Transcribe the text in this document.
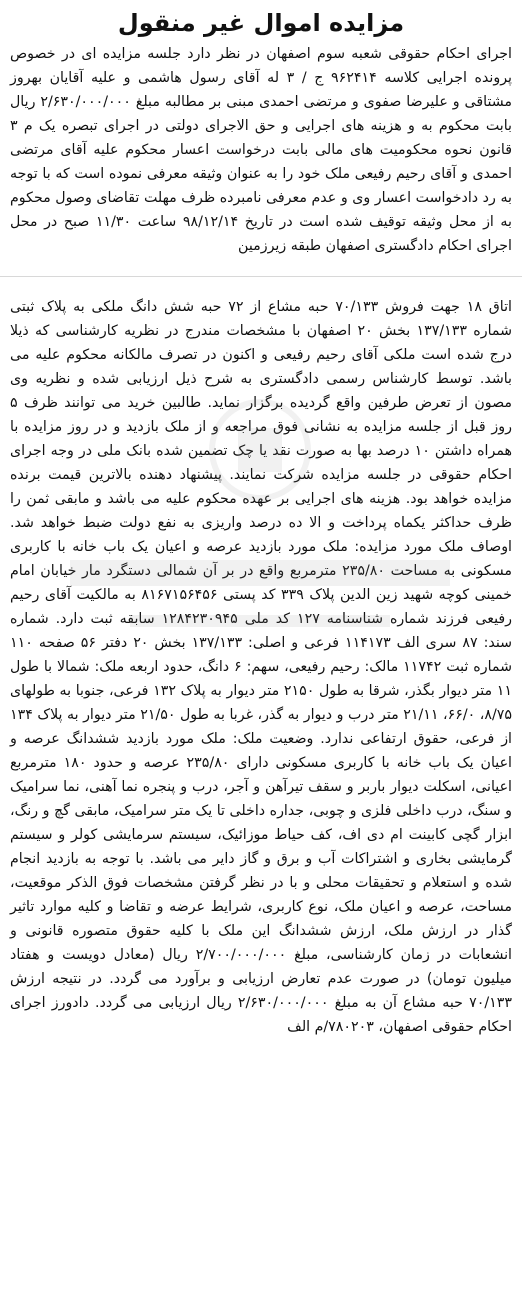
مزایده اموال غیر منقول

اجرای احکام حقوقی شعبه سوم اصفهان در نظر دارد جلسه مزایده ای در خصوص پرونده اجرایی کلاسه ۹۶۲۴۱۴ ج / ۳ له آقای رسول هاشمی و علیه آقایان بهروز مشتاقی و علیرضا صفوی و مرتضی احمدی مبنی بر مطالبه مبلغ ۲/۶۳۰/۰۰۰/۰۰۰ ریال بابت محکوم به و هزینه های اجرایی و حق الاجرای دولتی در اجرای تبصره یک م ۳ قانون نحوه محکومیت های مالی بابت درخواست اعسار محکوم علیه آقای مرتضی احمدی و آقای رحیم رفیعی ملک خود را به عنوان وثیقه معرفی نموده است که با توجه به رد دادخواست اعسار وی و عدم معرفی نامبرده ظرف مهلت تقاضای وصول محکوم به از محل وثیقه توقیف شده است در تاریخ ۹۸/۱۲/۱۴ ساعت ۱۱/۳۰ صبح در محل اجرای احکام دادگستری اصفهان طبقه زیرزمین

اتاق ۱۸ جهت فروش ۷۰/۱۳۳ حبه مشاع از ۷۲ حبه شش دانگ ملکی به پلاک ثبتی شماره ۱۳۷/۱۳۳ بخش ۲۰ اصفهان با مشخصات مندرج در نظریه کارشناسی که ذیلا درج شده است ملکی آقای رحیم رفیعی و اکنون در تصرف مالکانه محکوم علیه می باشد. توسط کارشناس رسمی دادگستری به شرح ذیل ارزیابی شده و نظریه وی مصون از تعرض طرفین واقع گردیده برگزار نماید. طالبین خرید می توانند ظرف ۵ روز قبل از جلسه مزایده به نشانی فوق مراجعه و از ملک بازدید و در روز مزایده با همراه داشتن ۱۰ درصد بها به صورت نقد یا چک تضمین شده بانک ملی در وجه اجرای احکام حقوقی در جلسه مزایده شرکت نمایند. پیشنهاد دهنده بالاترین قیمت برنده مزایده خواهد بود. هزینه های اجرایی بر عهده محکوم علیه می باشد و مابقی ثمن را ظرف حداکثر یکماه پرداخت و الا ده درصد واریزی به نفع دولت ضبط خواهد شد. اوصاف ملک مورد مزایده: ملک مورد بازدید عرصه و اعیان یک باب خانه با کاربری مسکونی به مساحت ۲۳۵/۸۰ مترمربع واقع در بر آن شمالی دستگرد مار خیابان امام خمینی کوچه شهید زین الدین پلاک ۳۳۹ کد پستی ۸۱۶۷۱۵۶۴۵۶ به مالکیت آقای رحیم رفیعی فرزند شماره شناسنامه ۱۲۷ کد ملی ۱۲۸۴۲۳۰۹۴۵ سابقه ثبت دارد. شماره سند: ۸۷ سری الف ۱۱۴۱۷۳ فرعی و اصلی: ۱۳۷/۱۳۳ بخش ۲۰ دفتر ۵۶ صفحه ۱۱۰ شماره ثبت ۱۱۷۴۲ مالک: رحیم رفیعی، سهم: ۶ دانگ، حدود اربعه ملک: شمالا با طول ۱۱ متر دیوار بگذر، شرقا به طول ۲۱۵۰ متر دیوار به پلاک ۱۳۲ فرعی، جنوبا به طولهای ۸/۷۵، ۶۶/۰، ۲۱/۱۱ متر درب و دیوار به گذر، غربا به طول ۲۱/۵۰ متر دیوار به پلاک ۱۳۴ از فرعی، حقوق ارتفاعی ندارد. وضعیت ملک: ملک مورد بازدید ششدانگ عرصه و اعیان یک باب خانه با کاربری مسکونی دارای ۲۳۵/۸۰ عرصه و حدود ۱۸۰ مترمربع اعیانی، اسکلت دیوار باربر و سقف تیرآهن و آجر، درب و پنجره نما آهنی، نما سرامیک و سنگ، درب داخلی فلزی و چوبی، جداره داخلی تا یک متر سرامیک، مابقی گچ و رنگ، ابزار گچی کابینت ام دی اف، کف حیاط موزائیک، سیستم سرمایشی کولر و سیستم گرمایشی بخاری و اشتراکات آب و برق و گاز دایر می باشد. با توجه به بازدید انجام شده و استعلام و تحقیقات محلی و با در نظر گرفتن مشخصات فوق الذکر موقعیت، مساحت، عرصه و اعیان ملک، نوع کاربری، شرایط عرضه و تقاضا و کلیه موارد تاثیر گذار در ارزش ملک، ارزش ششدانگ این ملک با کلیه حقوق متصوره قانونی و انشعابات در زمان کارشناسی، مبلغ ۲/۷۰۰/۰۰۰/۰۰۰ ریال (معادل دویست و هفتاد میلیون تومان) در صورت عدم تعارض ارزیابی و برآورد می گردد. در نتیجه ارزش ۷۰/۱۳۳ حبه مشاع آن به مبلغ ۲/۶۳۰/۰۰۰/۰۰۰ ریال ارزیابی می گردد. دادورز اجرای احکام حقوقی اصفهان، ۷۸۰۲۰۳/م الف
